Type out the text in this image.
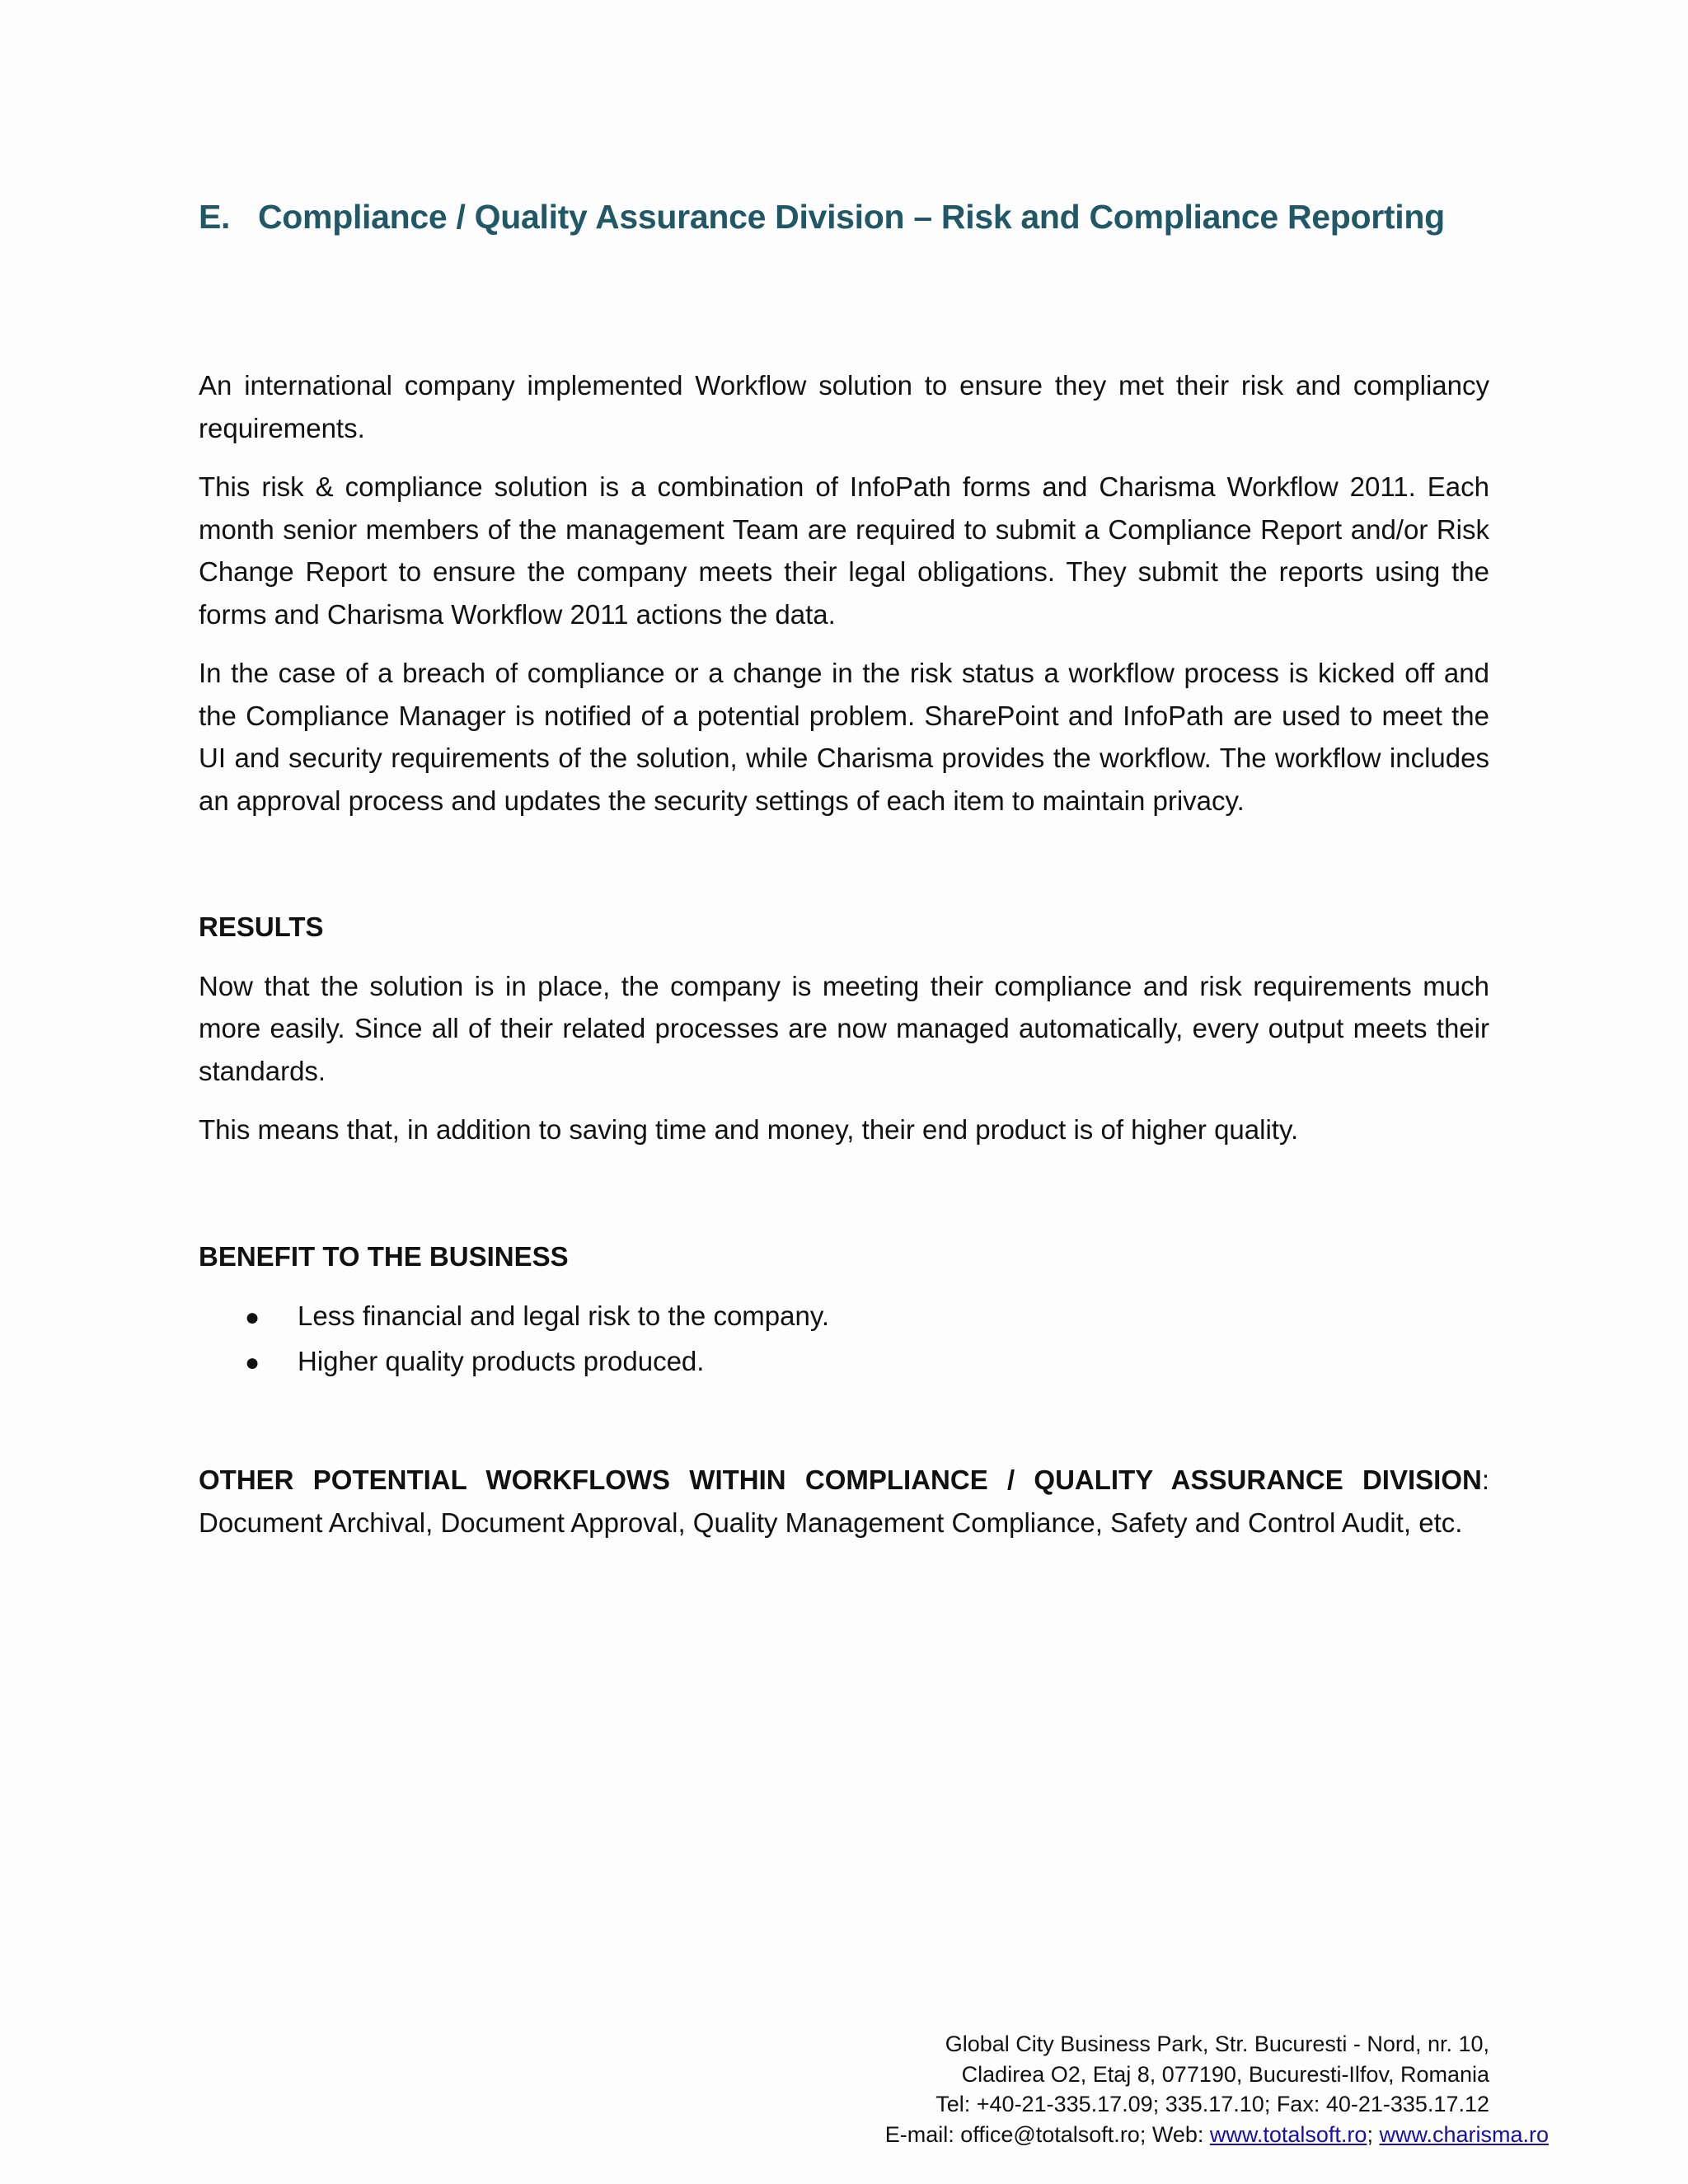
E. Compliance / Quality Assurance Division – Risk and Compliance Reporting

An international company implemented Workflow solution to ensure they met their risk and compliancy requirements.

This risk & compliance solution is a combination of InfoPath forms and Charisma Workflow 2011. Each month senior members of the management Team are required to submit a Compliance Report and/or Risk Change Report to ensure the company meets their legal obligations. They submit the reports using the forms and Charisma Workflow 2011 actions the data.

In the case of a breach of compliance or a change in the risk status a workflow process is kicked off and the Compliance Manager is notified of a potential problem. SharePoint and InfoPath are used to meet the UI and security requirements of the solution, while Charisma provides the workflow. The workflow includes an approval process and updates the security settings of each item to maintain privacy.

RESULTS

Now that the solution is in place, the company is meeting their compliance and risk requirements much more easily. Since all of their related processes are now managed automatically, every output meets their standards.

This means that, in addition to saving time and money, their end product is of higher quality.

BENEFIT TO THE BUSINESS
●	Less financial and legal risk to the company.
●	Higher quality products produced.

OTHER POTENTIAL WORKFLOWS WITHIN COMPLIANCE / QUALITY ASSURANCE DIVISION: Document Archival, Document Approval, Quality Management Compliance, Safety and Control Audit, etc.

Global City Business Park, Str. Bucuresti - Nord, nr. 10,
Cladirea O2, Etaj 8, 077190, Bucuresti-Ilfov, Romania
Tel: +40-21-335.17.09; 335.17.10; Fax: 40-21-335.17.12
E-mail: office@totalsoft.ro; Web: www.totalsoft.ro; www.charisma.ro
